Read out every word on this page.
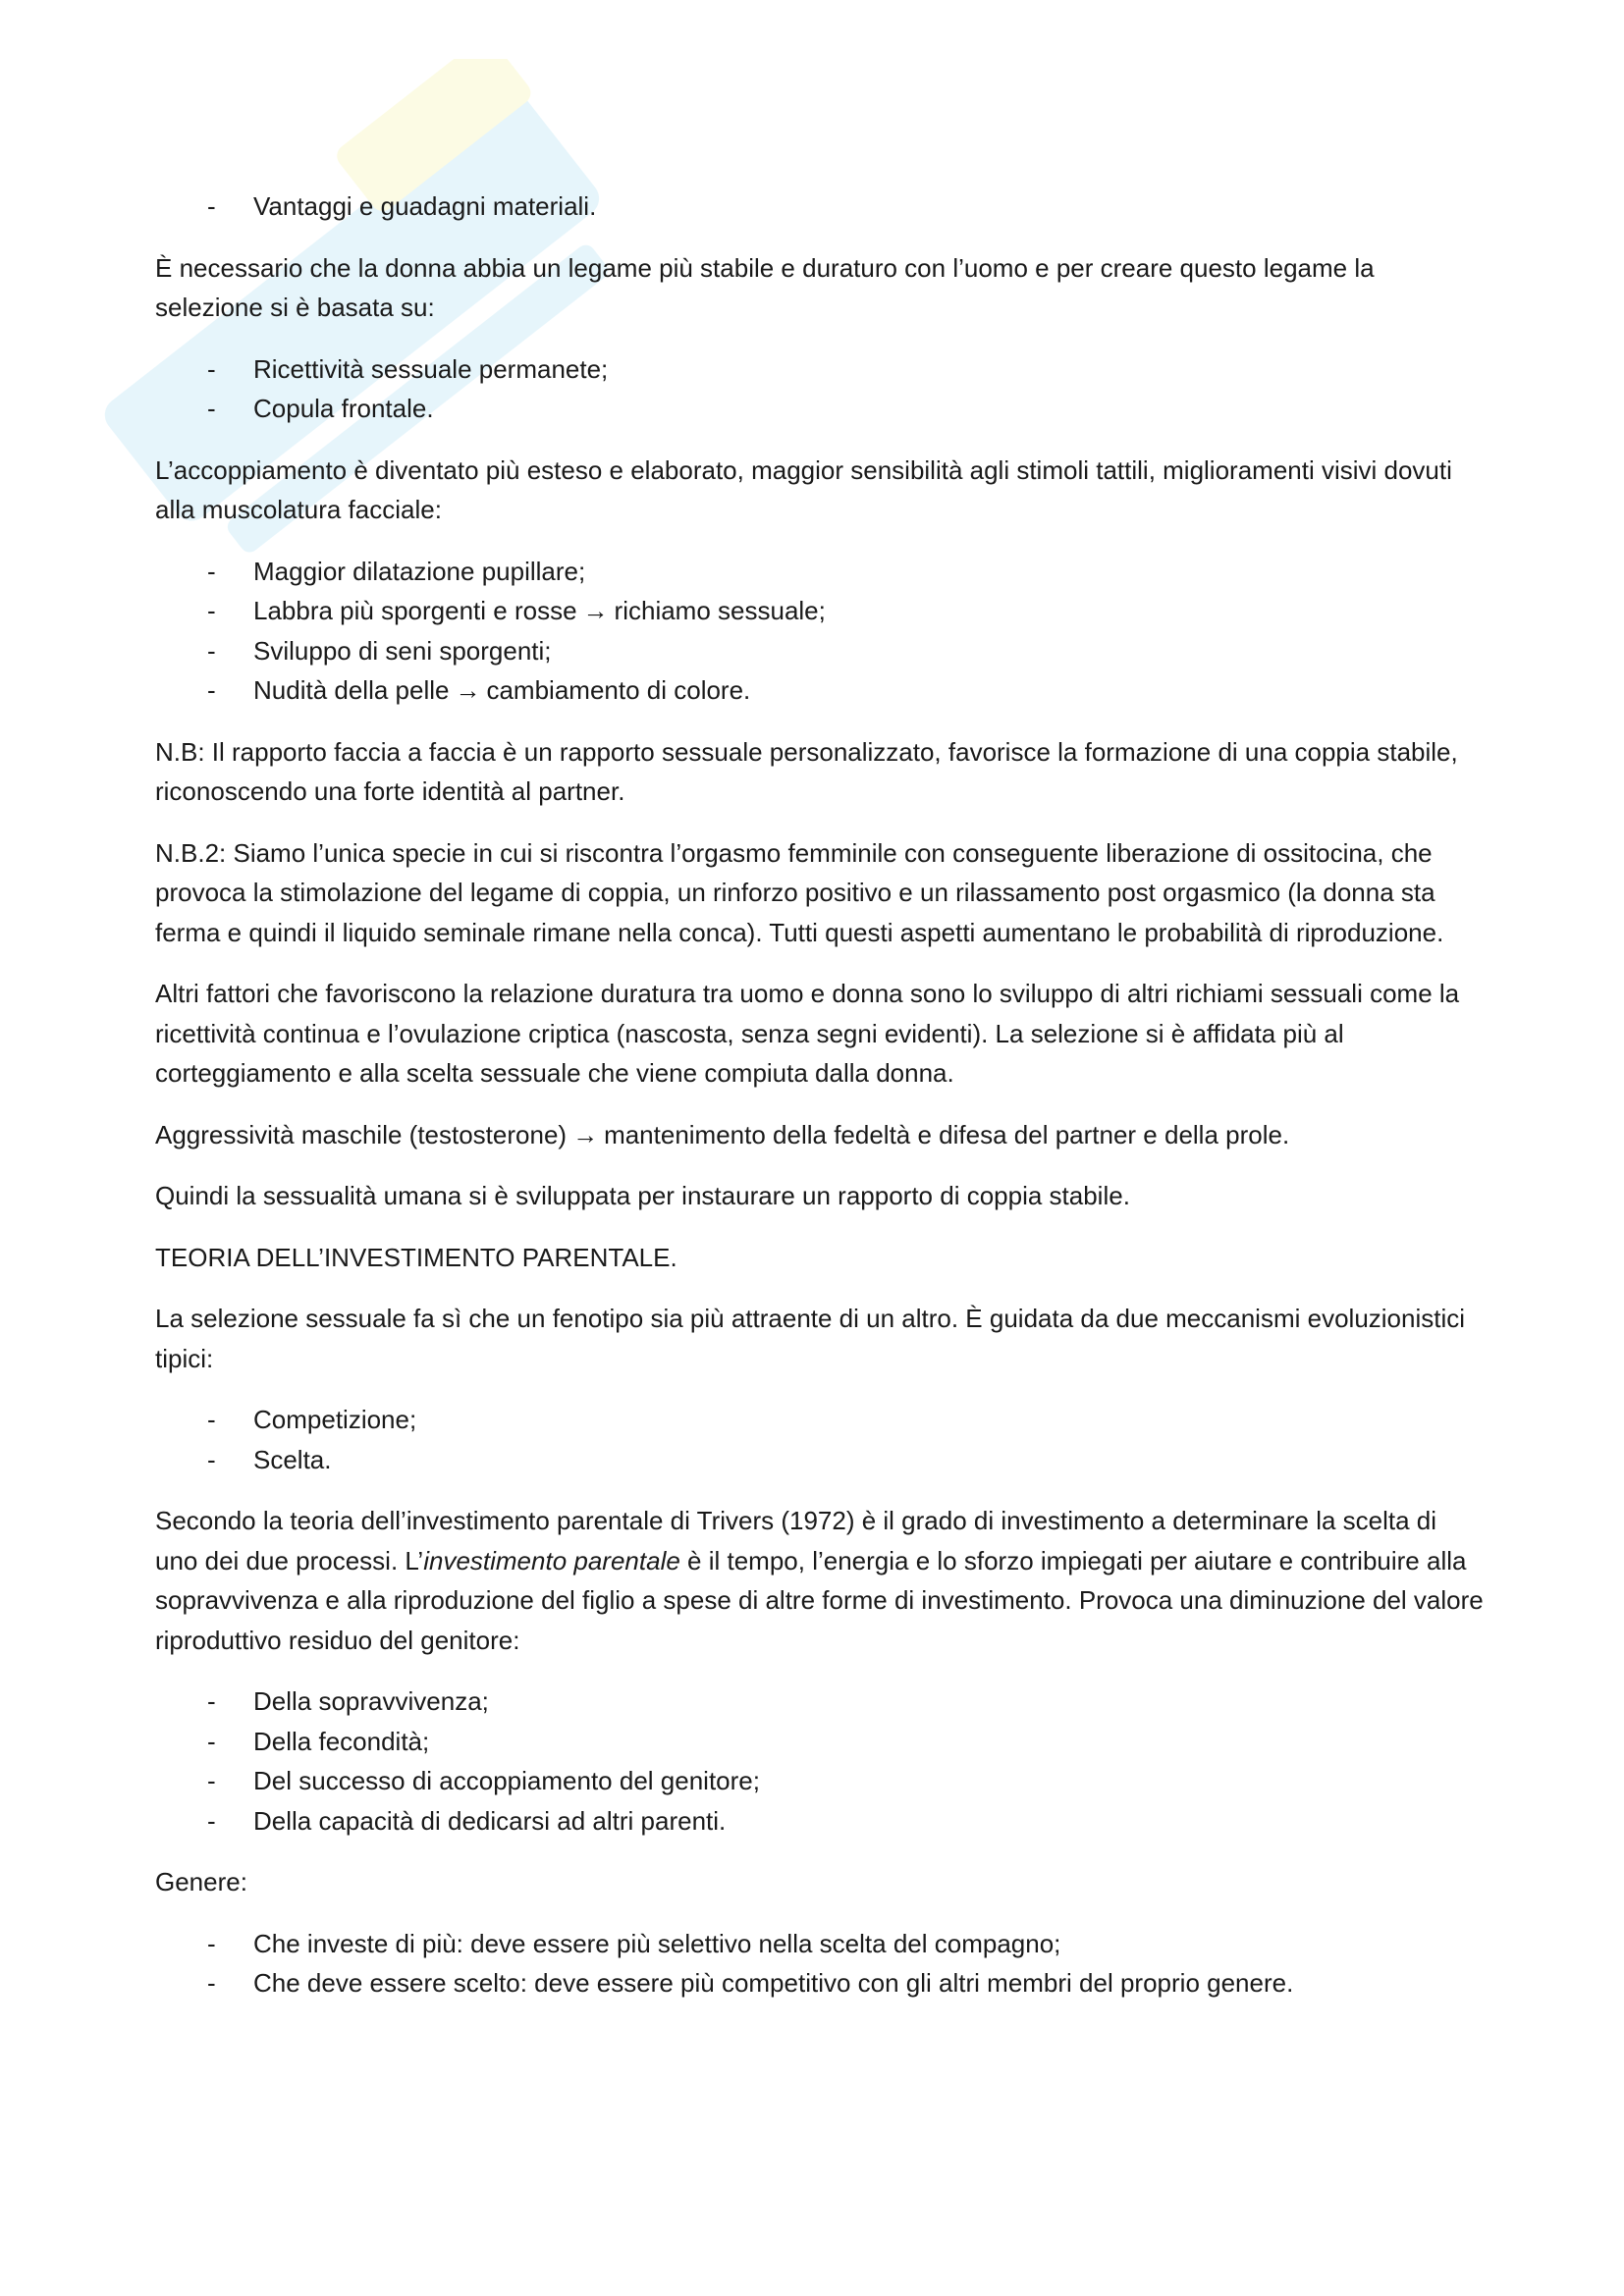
- Vantaggi e guadagni materiali.

È necessario che la donna abbia un legame più stabile e duraturo con l’uomo e per creare questo legame la selezione si è basata su:

- Ricettività sessuale permanete;
- Copula frontale.

L’accoppiamento è diventato più esteso e elaborato, maggior sensibilità agli stimoli tattili, miglioramenti visivi dovuti alla muscolatura facciale:

- Maggior dilatazione pupillare;
- Labbra più sporgenti e rosse → richiamo sessuale;
- Sviluppo di seni sporgenti;
- Nudità della pelle → cambiamento di colore.

N.B: Il rapporto faccia a faccia è un rapporto sessuale personalizzato, favorisce la formazione di una coppia stabile, riconoscendo una forte identità al partner.

N.B.2: Siamo l’unica specie in cui si riscontra l’orgasmo femminile con conseguente liberazione di ossitocina, che provoca la stimolazione del legame di coppia, un rinforzo positivo e un rilassamento post orgasmico (la donna sta ferma e quindi il liquido seminale rimane nella conca). Tutti questi aspetti aumentano le probabilità di riproduzione.

Altri fattori che favoriscono la relazione duratura tra uomo e donna sono lo sviluppo di altri richiami sessuali come la ricettività continua e l’ovulazione criptica (nascosta, senza segni evidenti). La selezione si è affidata più al corteggiamento e alla scelta sessuale che viene compiuta dalla donna.

Aggressività maschile (testosterone) → mantenimento della fedeltà e difesa del partner e della prole.

Quindi la sessualità umana si è sviluppata per instaurare un rapporto di coppia stabile.

TEORIA DELL’INVESTIMENTO PARENTALE.

La selezione sessuale fa sì che un fenotipo sia più attraente di un altro. È guidata da due meccanismi evoluzionistici tipici:

- Competizione;
- Scelta.

Secondo la teoria dell’investimento parentale di Trivers (1972) è il grado di investimento a determinare la scelta di uno dei due processi. L’investimento parentale è il tempo, l’energia e lo sforzo impiegati per aiutare e contribuire alla sopravvivenza e alla riproduzione del figlio a spese di altre forme di investimento. Provoca una diminuzione del valore riproduttivo residuo del genitore:

- Della sopravvivenza;
- Della fecondità;
- Del successo di accoppiamento del genitore;
- Della capacità di dedicarsi ad altri parenti.

Genere:

- Che investe di più: deve essere più selettivo nella scelta del compagno;
- Che deve essere scelto: deve essere più competitivo con gli altri membri del proprio genere.
